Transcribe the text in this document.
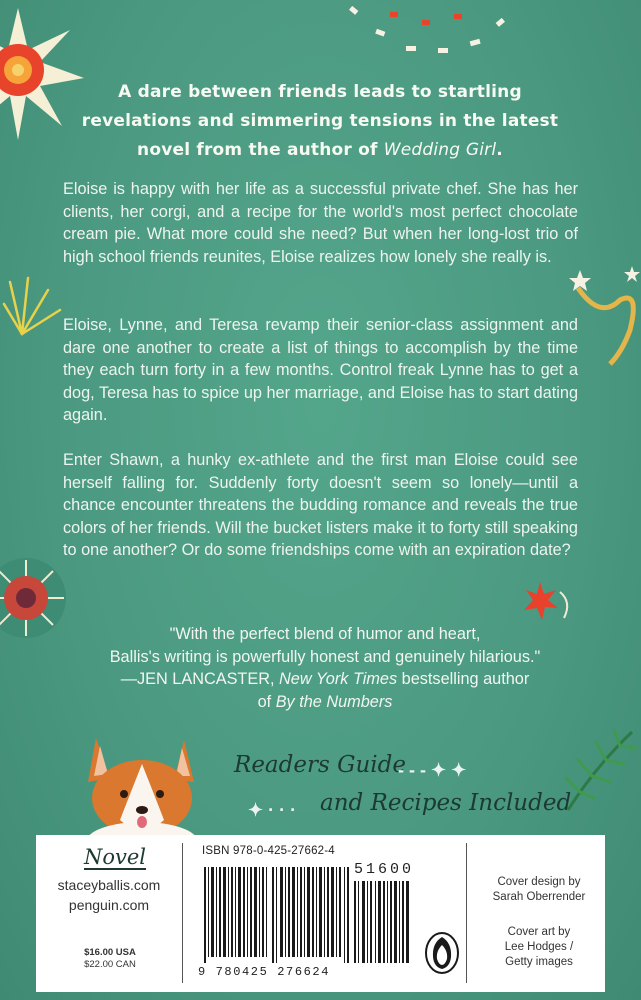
A dare between friends leads to startling
revelations and simmering tensions in the latest
novel from the author of Wedding Girl.
Eloise is happy with her life as a successful private chef. She has her clients, her corgi, and a recipe for the world's most perfect chocolate cream pie. What more could she need? But when her long-lost trio of high school friends reunites, Eloise realizes how lonely she really is.
Eloise, Lynne, and Teresa revamp their senior-class assignment and dare one another to create a list of things to accomplish by the time they each turn forty in a few months. Control freak Lynne has to get a dog, Teresa has to spice up her marriage, and Eloise has to start dating again.
Enter Shawn, a hunky ex-athlete and the first man Eloise could see herself falling for. Suddenly forty doesn't seem so lonely—until a chance encounter threatens the budding romance and reveals the true colors of her friends. Will the bucket listers make it to forty still speaking to one another? Or do some friendships come with an expiration date?
"With the perfect blend of humor and heart,
Ballis's writing is powerfully honest and genuinely hilarious."
—JEN LANCASTER, New York Times bestselling author
of By the Numbers
Readers Guide
- - - ✦ ✦
✦ · · · and Recipes Included
Novel
staceyballis.com
penguin.com
$16.00 USA
$22.00 CAN
ISBN 978-0-425-27662-4
51600
9 780425 276624
Cover design by
Sarah Oberrender
Cover art by
Lee Hodges /
Getty images
